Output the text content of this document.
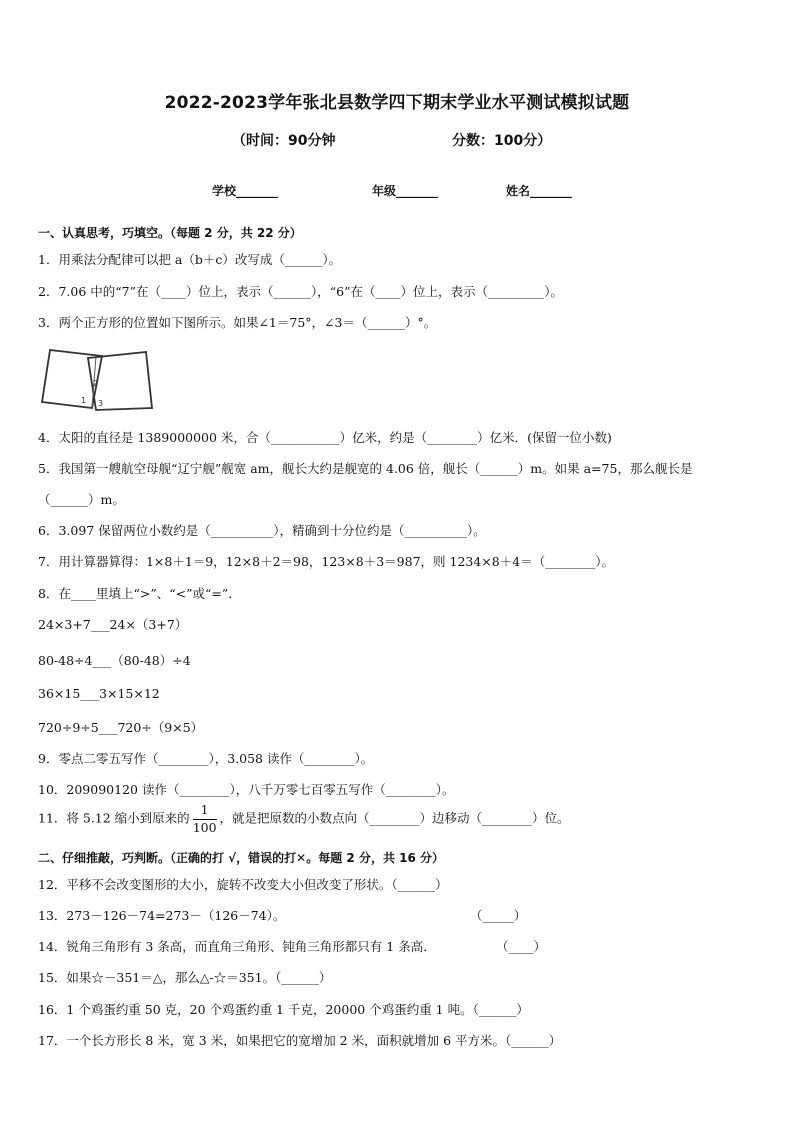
2022-2023学年张北县数学四下期末学业水平测试模拟试题
（时间：90分钟	分数：100分）
学校_______	年级_______	姓名_______
一、认真思考，巧填空。（每题 2 分，共 22 分）
1．用乘法分配律可以把 a（b＋c）改写成（______）。
2．7.06 中的“7”在（____）位上，表示（______），“6”在（____）位上，表示（_________）。
3．两个正方形的位置如下图所示。如果∠1＝75°，∠3＝（______）°。
1
2
3
4．太阳的直径是 1389000000 米，合（___________）亿米，约是（________）亿米．(保留一位小数)
5．我国第一艘航空母舰“辽宁舰”舰宽 am，舰长大约是舰宽的 4.06 倍，舰长（______）m。如果 a=75，那么舰长是
（______）m。
6．3.097 保留两位小数约是（__________），精确到十分位约是（__________）。
7．用计算器算得：1×8＋1＝9，12×8＋2＝98，123×8＋3＝987，则 1234×8＋4＝（________）。
8．在____里填上“>”、“<”或“=”．
24×3+7___24×（3+7）
80-48÷4___（80-48）÷4
36×15___3×15×12
720÷9÷5___720÷（9×5）
9．零点二零五写作（________），3.058 读作（________）。
10．209090120 读作（________），八千万零七百零五写作（________）。
11．将 5.12 缩小到原来的 $\frac{1}{100}$ ，就是把原数的小数点向（________）边移动（________）位。
二、仔细推敲，巧判断。（正确的打 √，错误的打✕。每题 2 分，共 16 分）
12．平移不会改变图形的大小，旋转不改变大小但改变了形状。（______）
13．273－126－74=273－（126－74）。	（_____）
14．锐角三角形有 3 条高，而直角三角形、钝角三角形都只有 1 条高．	（____）
15．如果☆－351＝△，那么△-☆＝351。（______）
16．1 个鸡蛋约重 50 克，20 个鸡蛋约重 1 千克，20000 个鸡蛋约重 1 吨。（______）
17．一个长方形长 8 米，宽 3 米，如果把它的宽增加 2 米，面积就增加 6 平方米。（______）
